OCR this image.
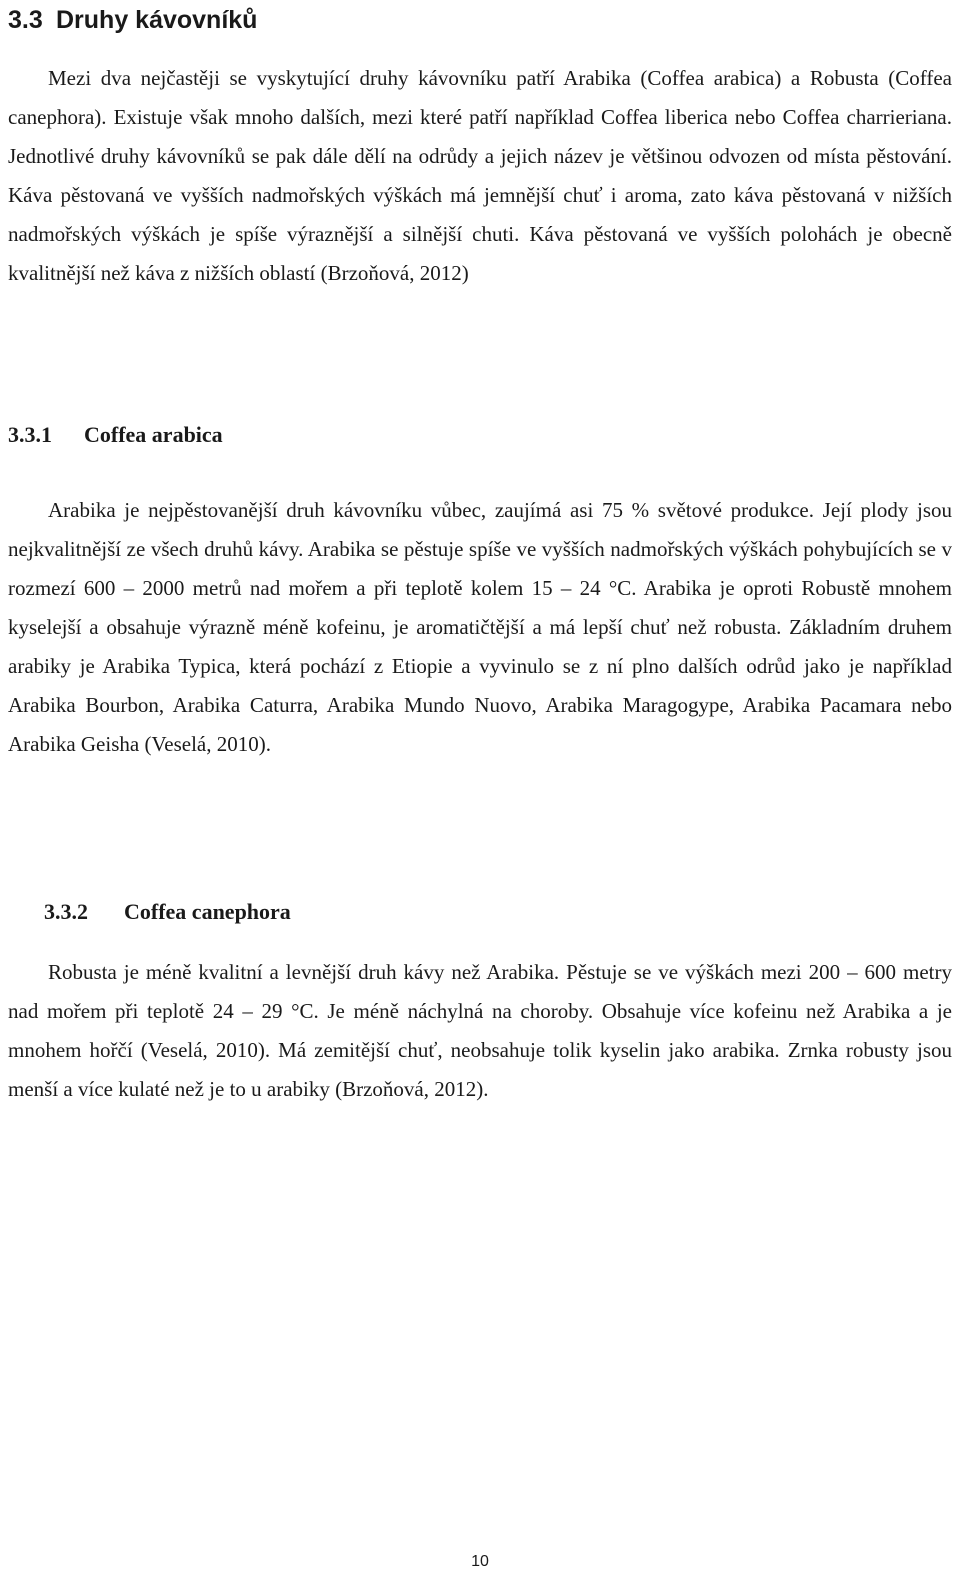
3.3 Druhy kávovníků

Mezi dva nejčastěji se vyskytující druhy kávovníku patří Arabika (Coffea arabica) a Robusta (Coffea canephora). Existuje však mnoho dalších, mezi které patří například Coffea liberica nebo Coffea charrieriana. Jednotlivé druhy kávovníků se pak dále dělí na odrůdy a jejich název je většinou odvozen od místa pěstování. Káva pěstovaná ve vyšších nadmořských výškách má jemnější chuť i aroma, zato káva pěstovaná v nižších nadmořských výškách je spíše výraznější a silnější chuti. Káva pěstovaná ve vyšších polohách je obecně kvalitnější než káva z nižších oblastí (Brzoňová, 2012)

3.3.1 Coffea arabica

Arabika je nejpěstovanější druh kávovníku vůbec, zaujímá asi 75 % světové produkce. Její plody jsou nejkvalitnější ze všech druhů kávy. Arabika se pěstuje spíše ve vyšších nadmořských výškách pohybujících se v rozmezí 600 – 2000 metrů nad mořem a při teplotě kolem 15 – 24 °C. Arabika je oproti Robustě mnohem kyselejší a obsahuje výrazně méně kofeinu, je aromatičtější a má lepší chuť než robusta. Základním druhem arabiky je Arabika Typica, která pochází z Etiopie a vyvinulo se z ní plno dalších odrůd jako je například Arabika Bourbon, Arabika Caturra, Arabika Mundo Nuovo, Arabika Maragogype, Arabika Pacamara nebo Arabika Geisha (Veselá, 2010).

3.3.2 Coffea canephora

Robusta je méně kvalitní a levnější druh kávy než Arabika. Pěstuje se ve výškách mezi 200 – 600 metry nad mořem při teplotě 24 – 29 °C. Je méně náchylná na choroby. Obsahuje více kofeinu než Arabika a je mnohem hořčí (Veselá, 2010). Má zemitější chuť, neobsahuje tolik kyselin jako arabika. Zrnka robusty jsou menší a více kulaté než je to u arabiky (Brzoňová, 2012).

10
